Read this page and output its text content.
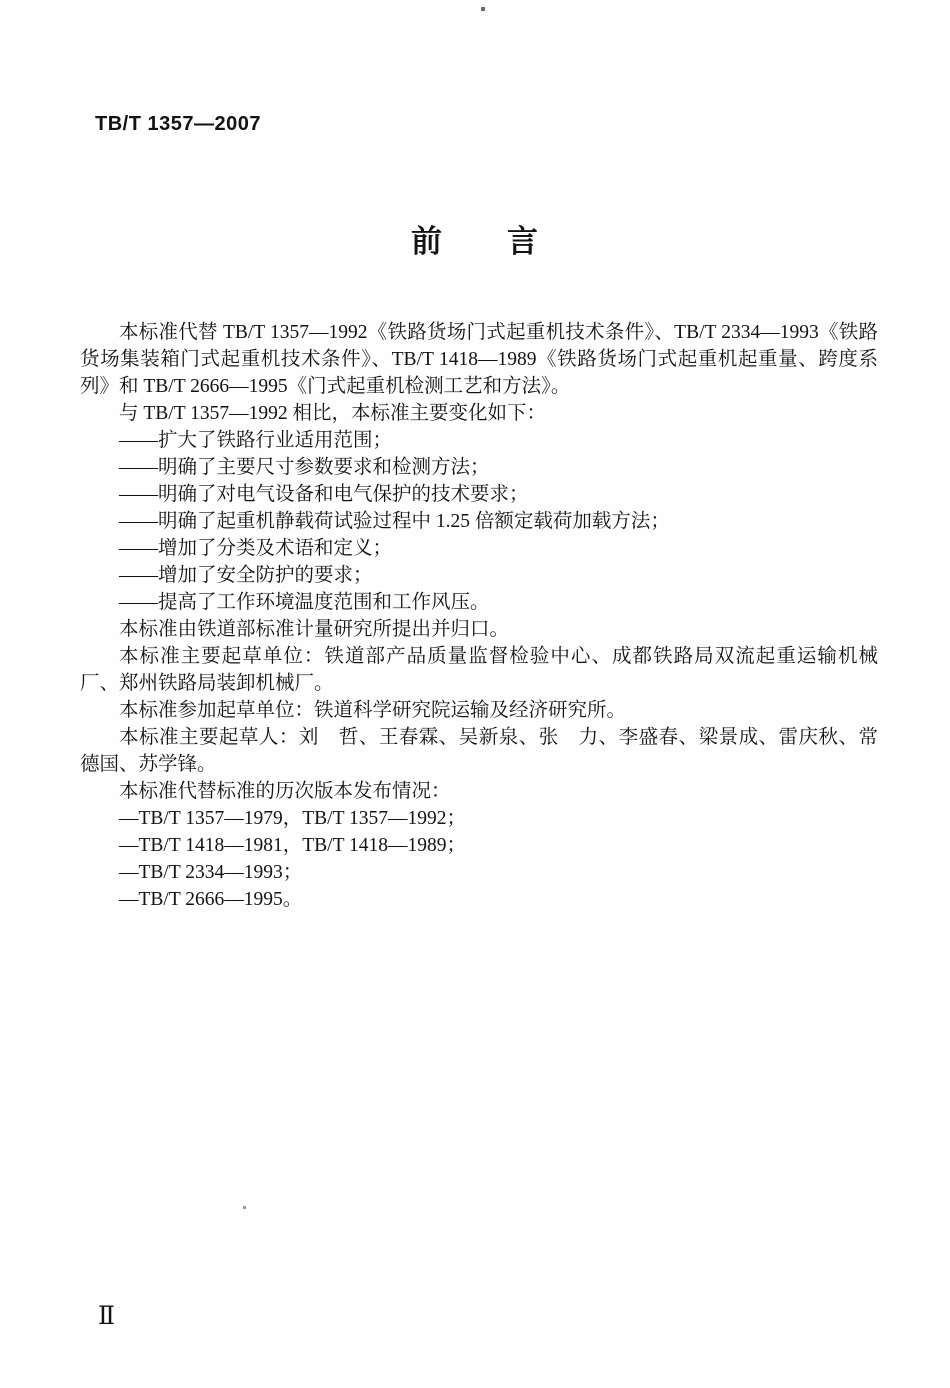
TB/T 1357—2007
前　　言

本标准代替 TB/T 1357—1992《铁路货场门式起重机技术条件》、TB/T 2334—1993《铁路货场集装箱门式起重机技术条件》、TB/T 1418—1989《铁路货场门式起重机起重量、跨度系列》和 TB/T 2666—1995《门式起重机检测工艺和方法》。

与 TB/T 1357—1992 相比，本标准主要变化如下：

——扩大了铁路行业适用范围；

——明确了主要尺寸参数要求和检测方法；

——明确了对电气设备和电气保护的技术要求；

——明确了起重机静载荷试验过程中 1.25 倍额定载荷加载方法；

——增加了分类及术语和定义；

——增加了安全防护的要求；

——提高了工作环境温度范围和工作风压。

本标准由铁道部标准计量研究所提出并归口。

本标准主要起草单位：铁道部产品质量监督检验中心、成都铁路局双流起重运输机械厂、郑州铁路局装卸机械厂。

本标准参加起草单位：铁道科学研究院运输及经济研究所。

本标准主要起草人：刘　哲、王春霖、吴新泉、张　力、李盛春、梁景成、雷庆秋、常德国、苏学锋。

本标准代替标准的历次版本发布情况：

—TB/T 1357—1979，TB/T 1357—1992；

—TB/T 1418—1981，TB/T 1418—1989；

—TB/T 2334—1993；

—TB/T 2666—1995。

Ⅱ
